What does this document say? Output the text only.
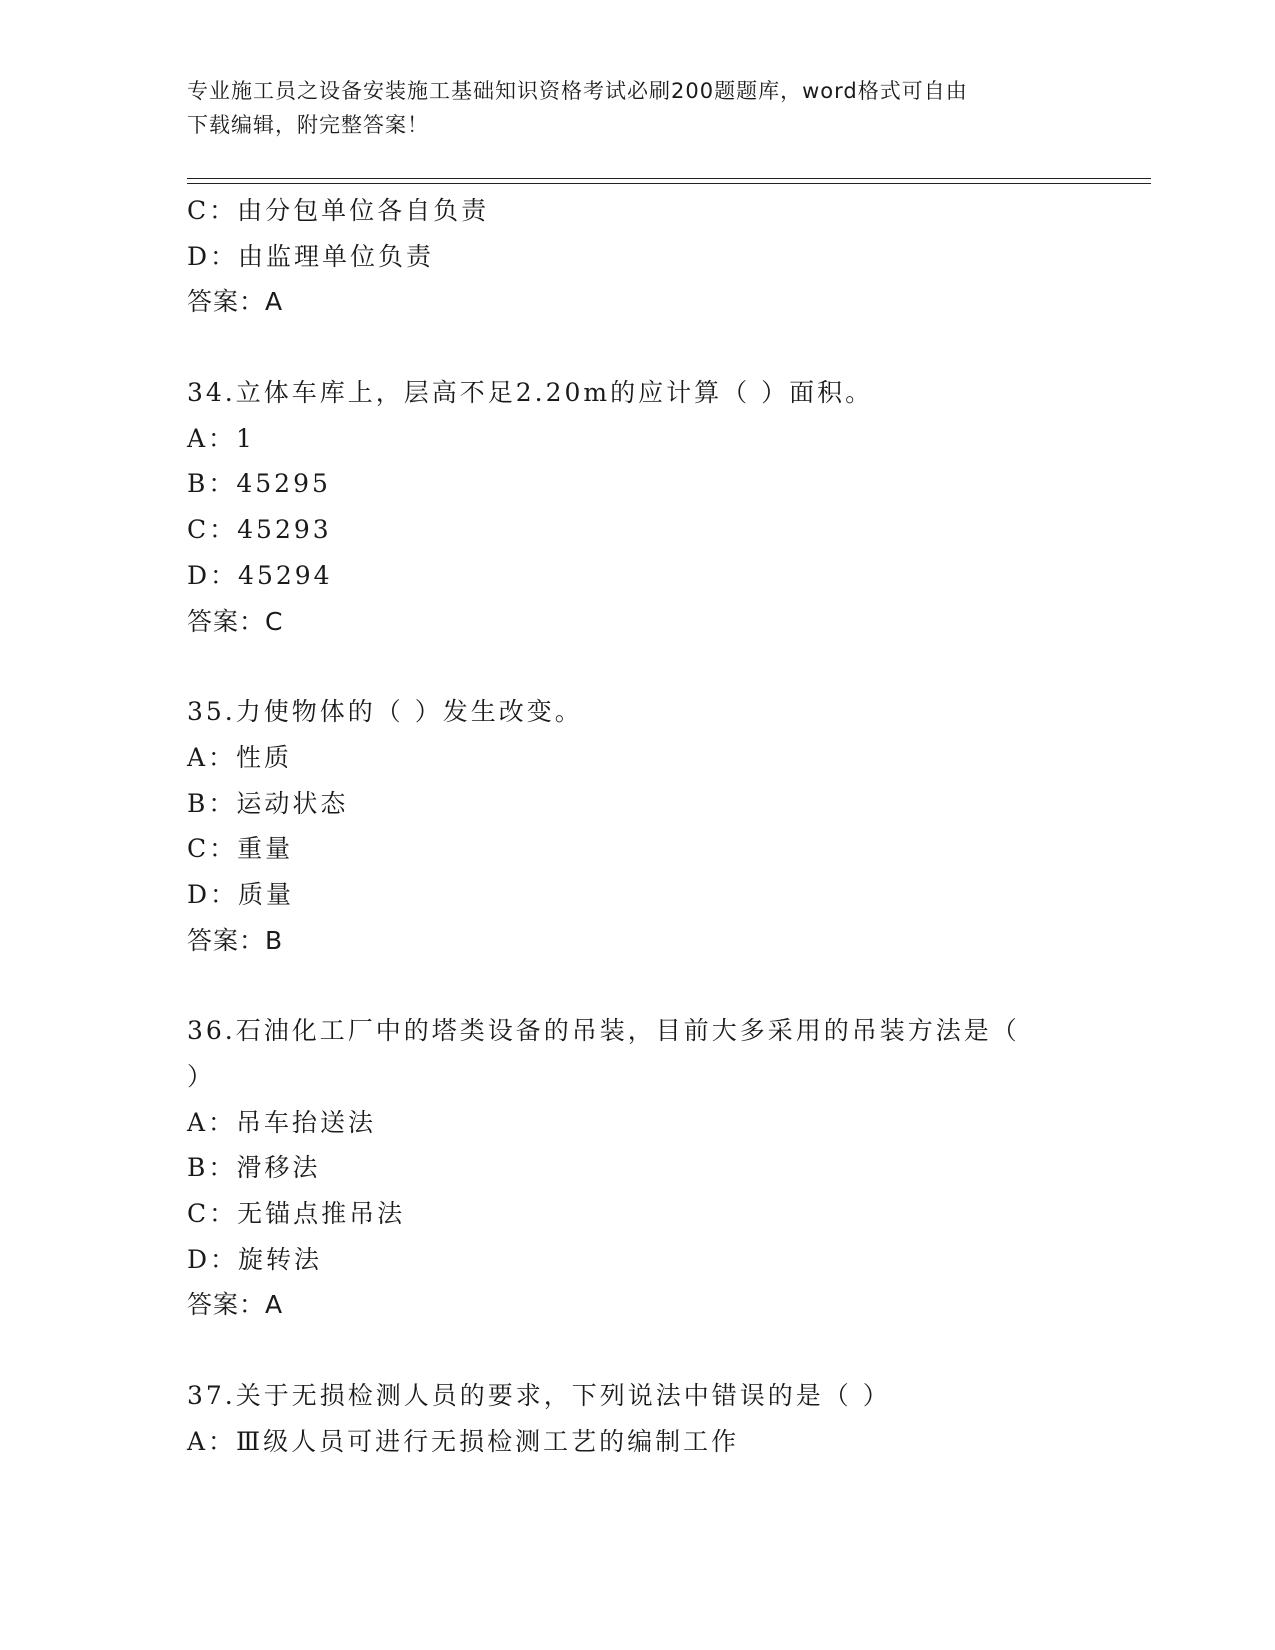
专业施工员之设备安装施工基础知识资格考试必刷200题题库，word格式可自由
下载编辑，附完整答案！
C：由分包单位各自负责
D：由监理单位负责
答案：A
34.立体车库上，层高不足2.20m的应计算（ ）面积。
A：1
B：45295
C：45293
D：45294
答案：C
35.力使物体的（ ）发生改变。
A：性质
B：运动状态
C：重量
D：质量
答案：B
36.石油化工厂中的塔类设备的吊装，目前大多采用的吊装方法是（
）
A：吊车抬送法
B：滑移法
C：无锚点推吊法
D：旋转法
答案：A
37.关于无损检测人员的要求，下列说法中错误的是（ ）
A：Ⅲ级人员可进行无损检测工艺的编制工作
